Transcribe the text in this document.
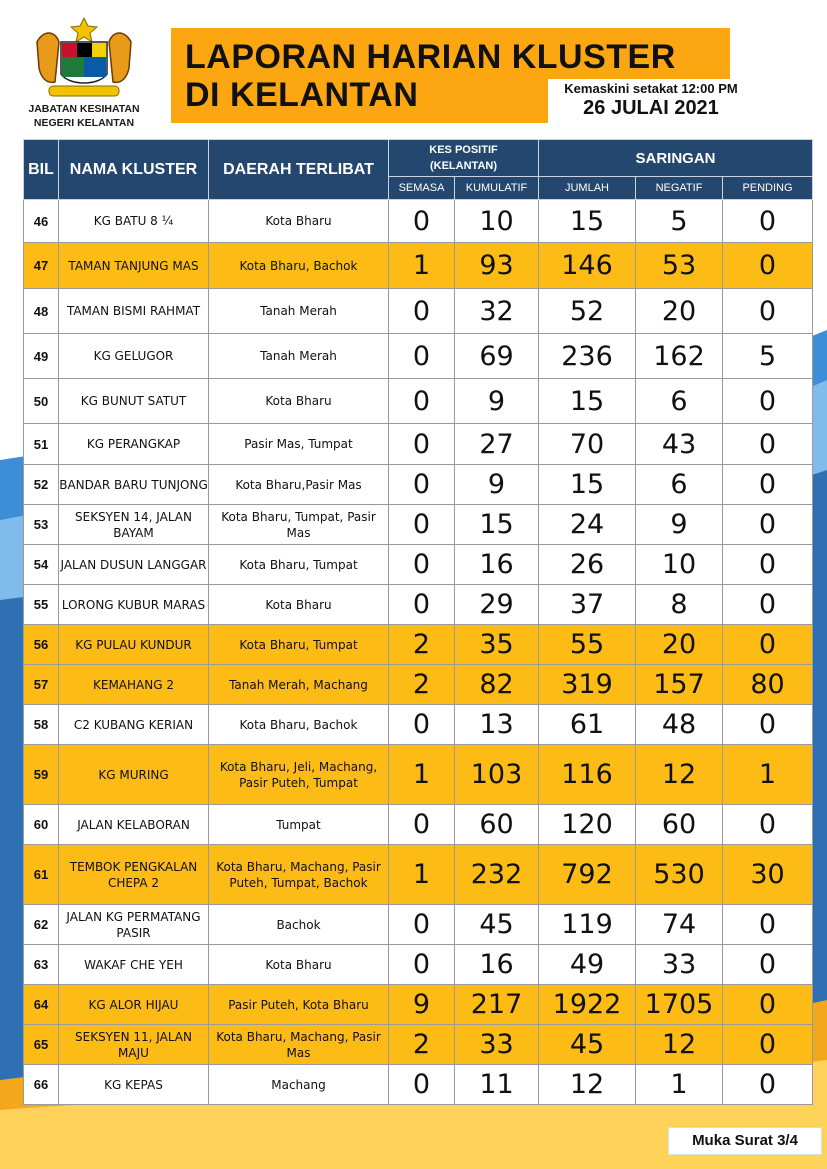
JABATAN KESIHATAN
NEGERI KELANTAN
LAPORAN HARIAN KLUSTER
DI KELANTAN	Kemaskini setakat 12:00 PM
26 JULAI 2021
BIL	NAMA KLUSTER	DAERAH TERLIBAT	KES POSITIF
(KELANTAN)		SARINGAN		
			SEMASA	KUMULATIF	JUMLAH	NEGATIF	PENDING
46	KG BATU 8 ¼	Kota Bharu	0	10	15	5	0
47	TAMAN TANJUNG MAS	Kota Bharu, Bachok	1	93	146	53	0
48	TAMAN BISMI RAHMAT	Tanah Merah	0	32	52	20	0
49	KG GELUGOR	Tanah Merah	0	69	236	162	5
50	KG BUNUT SATUT	Kota Bharu	0	9	15	6	0
51	KG PERANGKAP	Pasir Mas, Tumpat	0	27	70	43	0
52	BANDAR BARU TUNJONG	Kota Bharu,Pasir Mas	0	9	15	6	0
53	SEKSYEN 14, JALAN BAYAM	Kota Bharu, Tumpat, Pasir Mas	0	15	24	9	0
54	JALAN DUSUN LANGGAR	Kota Bharu, Tumpat	0	16	26	10	0
55	LORONG KUBUR MARAS	Kota Bharu	0	29	37	8	0
56	KG PULAU KUNDUR	Kota Bharu, Tumpat	2	35	55	20	0
57	KEMAHANG 2	Tanah Merah, Machang	2	82	319	157	80
58	C2 KUBANG KERIAN	Kota Bharu, Bachok	0	13	61	48	0
59	KG MURING	Kota Bharu, Jeli, Machang, Pasir Puteh, Tumpat	1	103	116	12	1
60	JALAN KELABORAN	Tumpat	0	60	120	60	0
61	TEMBOK PENGKALAN CHEPA 2	Kota Bharu, Machang, Pasir Puteh, Tumpat, Bachok	1	232	792	530	30
62	JALAN KG PERMATANG PASIR	Bachok	0	45	119	74	0
63	WAKAF CHE YEH	Kota Bharu	0	16	49	33	0
64	KG ALOR HIJAU	Pasir Puteh, Kota Bharu	9	217	1922	1705	0
65	SEKSYEN 11, JALAN MAJU	Kota Bharu, Machang, Pasir Mas	2	33	45	12	0
66	KG KEPAS	Machang	0	11	12	1	0
Muka Surat 3/4
